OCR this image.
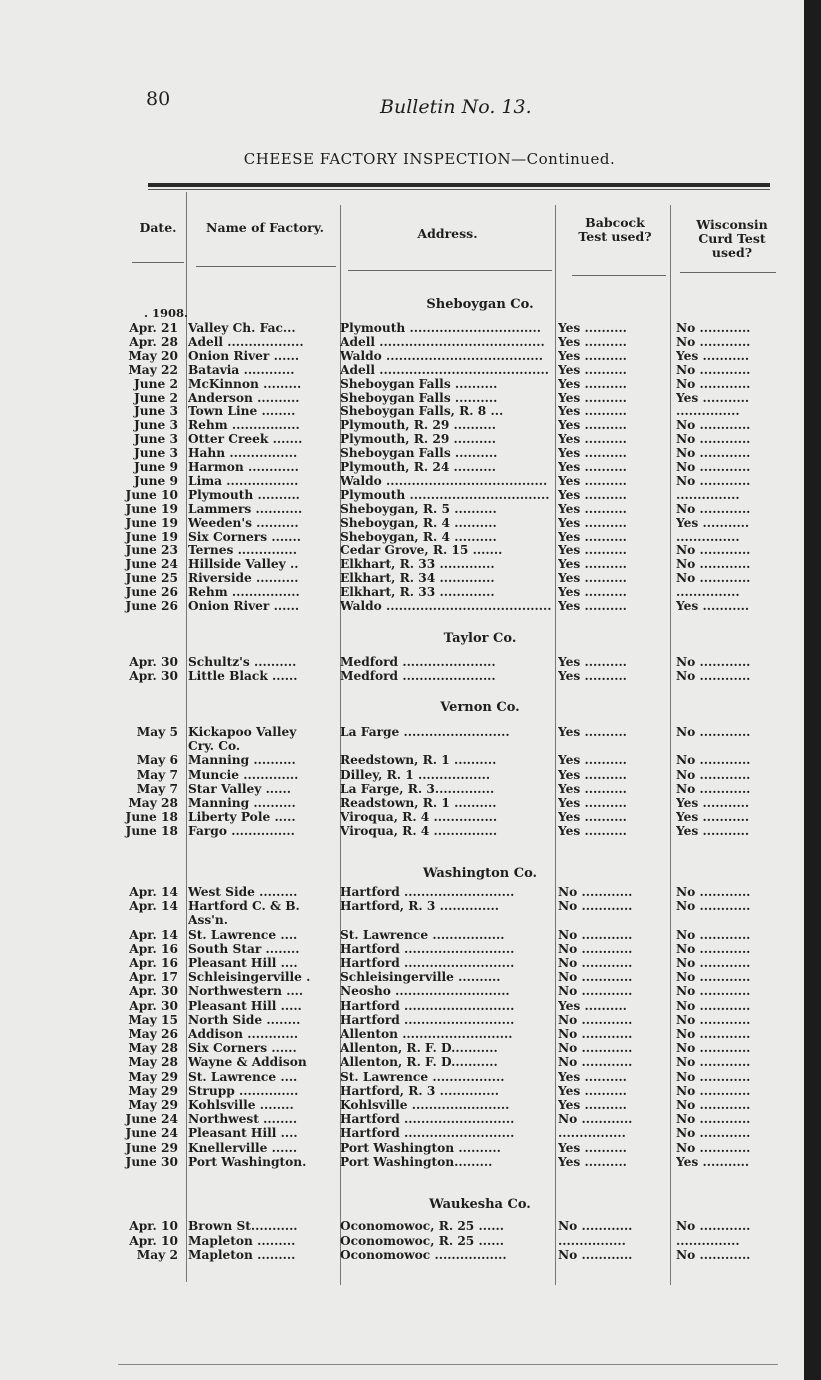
80	Bulletin No. 13.
CHEESE FACTORY INSPECTION—Continued.
Date.	Name of Factory.	Address.
Babcock Test used?
Wisconsin Curd Test used?
. 1908.
Sheboygan Co.
Apr. 21 Valley Ch. Fac...	Plymouth ...............................	Yes ..........	No ............
Apr. 28 Adell ..................	Adell .......................................	Yes ..........	No ............
May 20 Onion River ......	Waldo .....................................	Yes ..........	Yes ...........
May 22 Batavia ............	Adell ........................................ Yes ..........	No ............
June 2 McKinnon .........	Sheboygan Falls ..........	Yes ..........	No ............
June 2 Anderson ..........	Sheboygan Falls ..........	Yes ..........	Yes ...........
June 3 Town Line ........	Sheboygan Falls, R. 8 ...	Yes ..........	...............
June 3 Rehm ................	Plymouth, R. 29 ..........	Yes ..........	No ............
June 3 Otter Creek .......	Plymouth, R. 29 ..........	Yes ..........	No ............
June 3 Hahn ................	Sheboygan Falls ..........	Yes ..........	No ............
June 9 Harmon ............	Plymouth, R. 24 ..........	Yes ..........	No ............
June 9 Lima .................	Waldo ...................................... Yes ..........	No ............
June 10 Plymouth ..........	Plymouth ................................. Yes ..........	...............
June 19 Lammers ...........	Sheboygan, R. 5 ..........	Yes ..........	No ............
June 19 Weeden's ..........	Sheboygan, R. 4 ..........	Yes ..........	Yes ...........
June 19 Six Corners .......	Sheboygan, R. 4 ..........	Yes ..........	...............
June 23 Ternes ..............	Cedar Grove, R. 15 .......	Yes ..........	No ............
June 24 Hillside Valley ..	Elkhart, R. 33 .............	Yes ..........	No ............
June 25 Riverside ..........	Elkhart, R. 34 .............	Yes ..........	No ............
June 26 Rehm ................	Elkhart, R. 33 .............	Yes ..........	...............
June 26 Onion River ......	Waldo ....................................... Yes ..........	Yes ...........
Taylor Co.
Apr. 30 Schultz's ..........	Medford ......................	Yes ..........	No ............
Apr. 30 Little Black ......	Medford ......................	Yes ..........	No ............
Vernon Co.
May 5 Kickapoo Valley	La Farge .........................	Yes ..........	No ............
Cry. Co.
May 6 Manning ..........	Reedstown, R. 1 ..........	Yes ..........	No ............
May 7 Muncie .............	Dilley, R. 1 .................	Yes ..........	No ............
May 7 Star Valley ......	La Farge, R. 3..............	Yes ..........	No ............
May 28 Manning ..........	Readstown, R. 1 ..........	Yes ..........	Yes ...........
June 18 Liberty Pole .....	Viroqua, R. 4 ...............	Yes ..........	Yes ...........
June 18 Fargo ...............	Viroqua, R. 4 ...............	Yes ..........	Yes ...........
Washington Co.
Apr. 14 West Side .........	Hartford ..........................	No ............	No ............
Apr. 14 Hartford C. & B.	Hartford, R. 3 ..............	No ............	No ............
Ass'n.
Apr. 14 St. Lawrence ....	St. Lawrence .................	No ............	No ............
Apr. 16 South Star ........	Hartford ..........................	No ............	No ............
Apr. 16 Pleasant Hill ....	Hartford ..........................	No ............	No ............
Apr. 17 Schleisingerville .	Schleisingerville ..........	No ............	No ............
Apr. 30 Northwestern ....	Neosho ...........................	No ............	No ............
Apr. 30 Pleasant Hill .....	Hartford ..........................	Yes ..........	No ............
May 15 North Side ........	Hartford ..........................	No ............	No ............
May 26 Addison ............	Allenton ..........................	No ............	No ............
May 28 Six Corners ......	Allenton, R. F. D...........	No ............	No ............
May 28 Wayne & Addison	Allenton, R. F. D...........	No ............	No ............
May 29 St. Lawrence ....	St. Lawrence .................	Yes ..........	No ............
May 29 Strupp ..............	Hartford, R. 3 ..............	Yes ..........	No ............
May 29 Kohlsville ........	Kohlsville .......................	Yes ..........	No ............
June 24 Northwest ........	Hartford ..........................	No ............	No ............
June 24 Pleasant Hill ....	Hartford ..........................	................	No ............
June 29 Knellerville ......	Port Washington ..........	Yes ..........	No ............
June 30 Port Washington.	Port Washington.........	Yes ..........	Yes ...........
Waukesha Co.
Apr. 10 Brown St...........	Oconomowoc, R. 25 ......	No ............	No ............
Apr. 10 Mapleton .........	Oconomowoc, R. 25 ......	................	...............
May 2 Mapleton .........	Oconomowoc .................	No ............	No ............
